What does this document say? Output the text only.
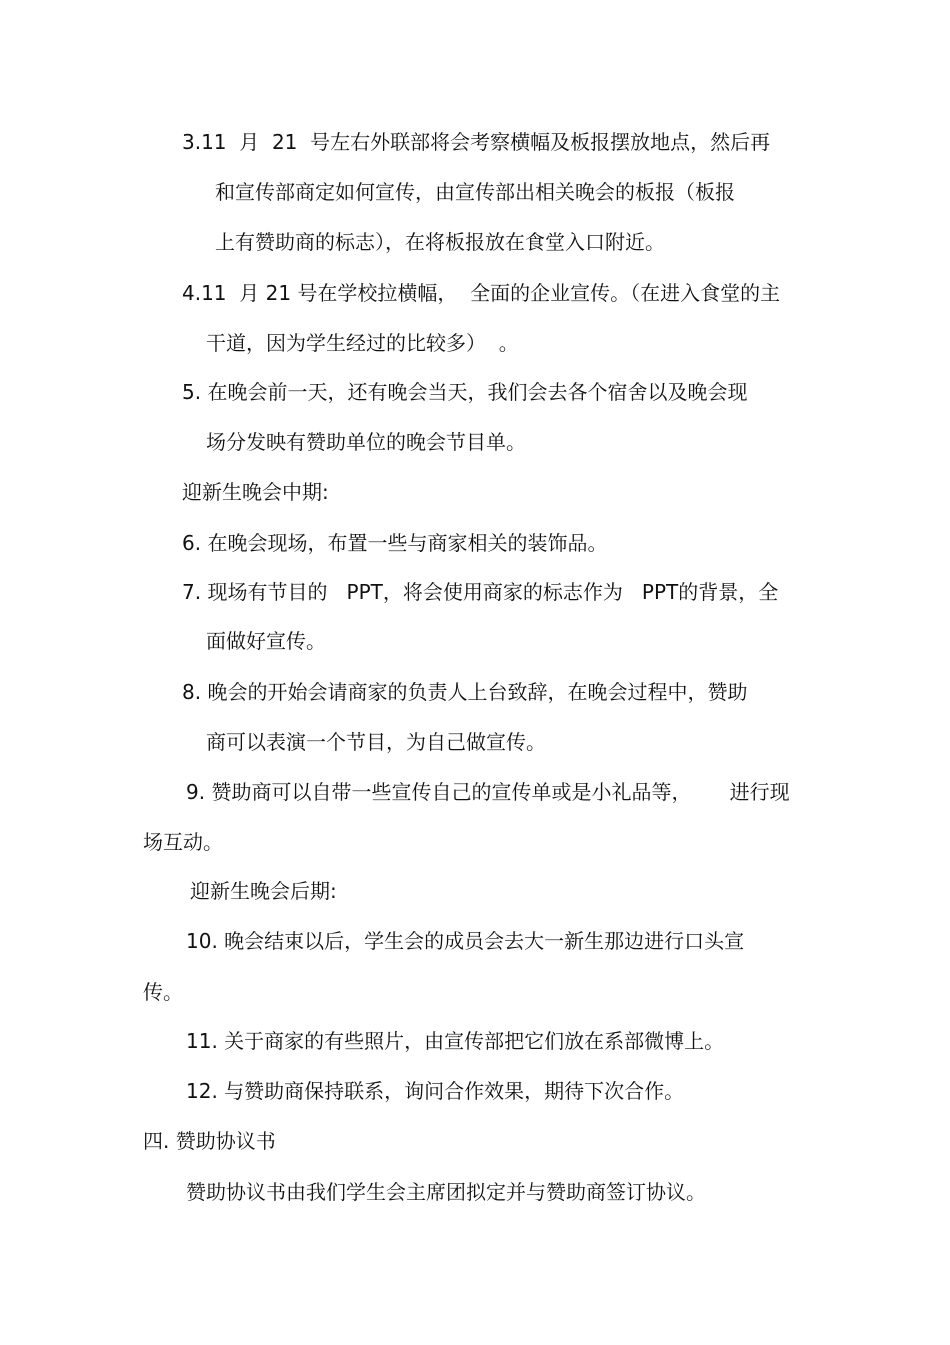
3.11  月  21  号左右外联部将会考察横幅及板报摆放地点，然后再
和宣传部商定如何宣传，由宣传部出相关晚会的板报（板报
上有赞助商的标志），在将板报放在食堂入口附近。
4.11  月 21 号在学校拉横幅，  全面的企业宣传。（在进入食堂的主
干道，因为学生经过的比较多）  。
5. 在晚会前一天，还有晚会当天，我们会去各个宿舍以及晚会现
场分发映有赞助单位的晚会节目单。
迎新生晚会中期:
6. 在晚会现场，布置一些与商家相关的装饰品。
7. 现场有节目的   PPT，将会使用商家的标志作为   PPT的背景，全
面做好宣传。
8. 晚会的开始会请商家的负责人上台致辞，在晚会过程中，赞助
商可以表演一个节目，为自己做宣传。
9. 赞助商可以自带一些宣传自己的宣传单或是小礼品等，      进行现
场互动。
迎新生晚会后期:
10. 晚会结束以后，学生会的成员会去大一新生那边进行口头宣
传。
11. 关于商家的有些照片，由宣传部把它们放在系部微博上。
12. 与赞助商保持联系，询问合作效果，期待下次合作。
四. 赞助协议书
赞助协议书由我们学生会主席团拟定并与赞助商签订协议。
